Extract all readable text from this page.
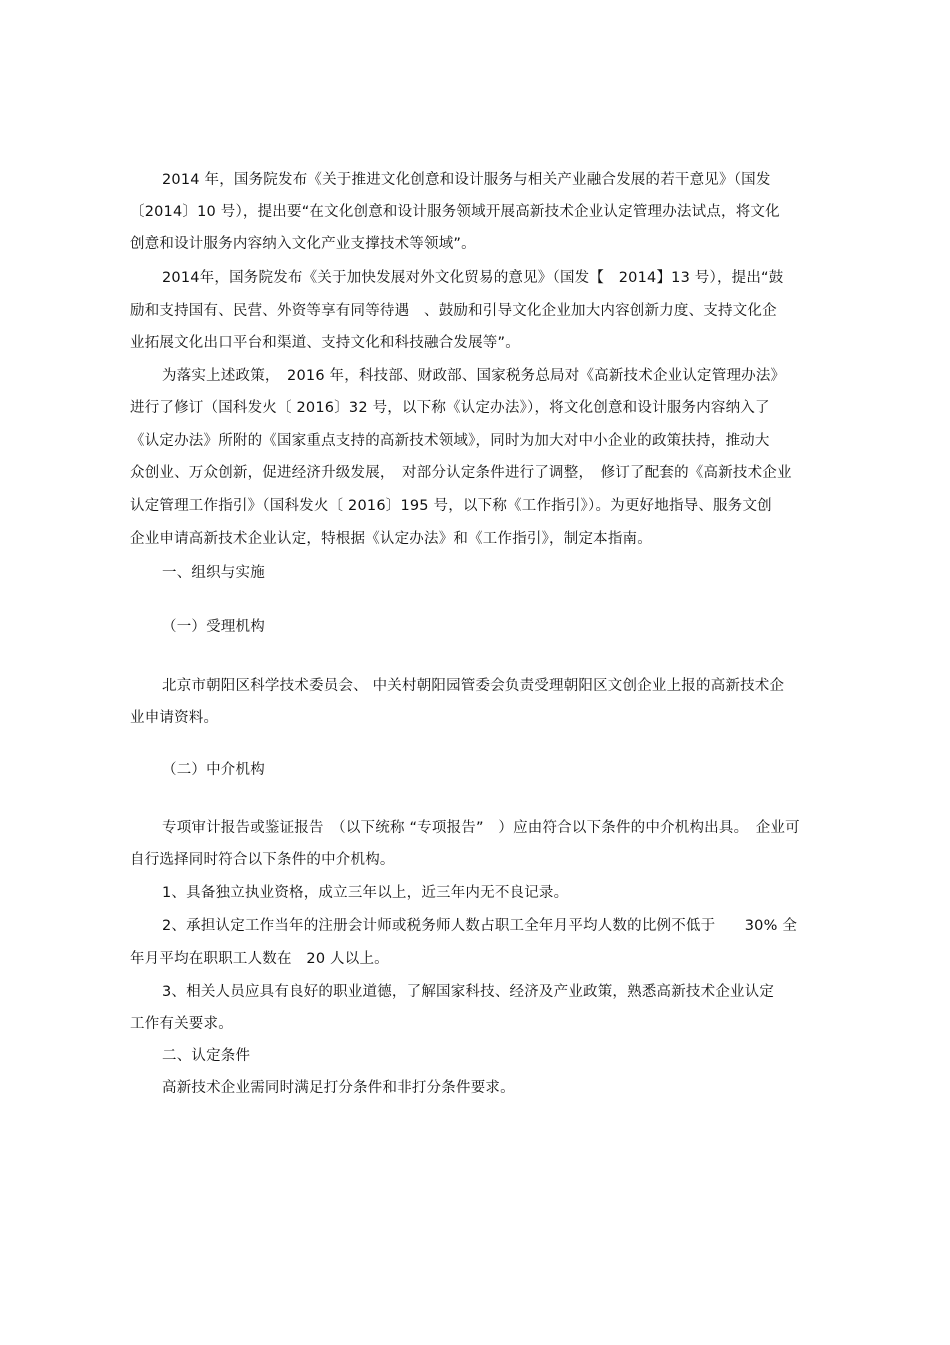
2014 年，国务院发布《关于推进文化创意和设计服务与相关产业融合发展的若干意见》（国发
〔2014〕10 号），提出要“在文化创意和设计服务领域开展高新技术企业认定管理办法试点，将文化
创意和设计服务内容纳入文化产业支撑技术等领域”。
2014年，国务院发布《关于加快发展对外文化贸易的意见》（国发【　2014】13 号），提出“鼓
励和支持国有、民营、外资等享有同等待遇　、鼓励和引导文化企业加大内容创新力度、支持文化企
业拓展文化出口平台和渠道、支持文化和科技融合发展等”。
为落实上述政策，　2016 年，科技部、财政部、国家税务总局对《高新技术企业认定管理办法》
进行了修订（国科发火〔 2016〕32 号，以下称《认定办法》），将文化创意和设计服务内容纳入了
《认定办法》所附的《国家重点支持的高新技术领域》，同时为加大对中小企业的政策扶持，推动大
众创业、万众创新，促进经济升级发展，　对部分认定条件进行了调整，　修订了配套的《高新技术企业
认定管理工作指引》（国科发火〔 2016〕195 号，以下称《工作指引》）。为更好地指导、服务文创
企业申请高新技术企业认定，特根据《认定办法》和《工作指引》，制定本指南。
一、组织与实施
（一）受理机构
北京市朝阳区科学技术委员会、 中关村朝阳园管委会负责受理朝阳区文创企业上报的高新技术企
业申请资料。
（二）中介机构
专项审计报告或鉴证报告　（以下统称 “专项报告”　）应由符合以下条件的中介机构出具。　企业可
自行选择同时符合以下条件的中介机构。
1、具备独立执业资格，成立三年以上，近三年内无不良记录。
2、承担认定工作当年的注册会计师或税务师人数占职工全年月平均人数的比例不低于　　30% 全
年月平均在职职工人数在　20 人以上。
3、相关人员应具有良好的职业道德，了解国家科技、经济及产业政策，熟悉高新技术企业认定
工作有关要求。
二、认定条件
高新技术企业需同时满足打分条件和非打分条件要求。
